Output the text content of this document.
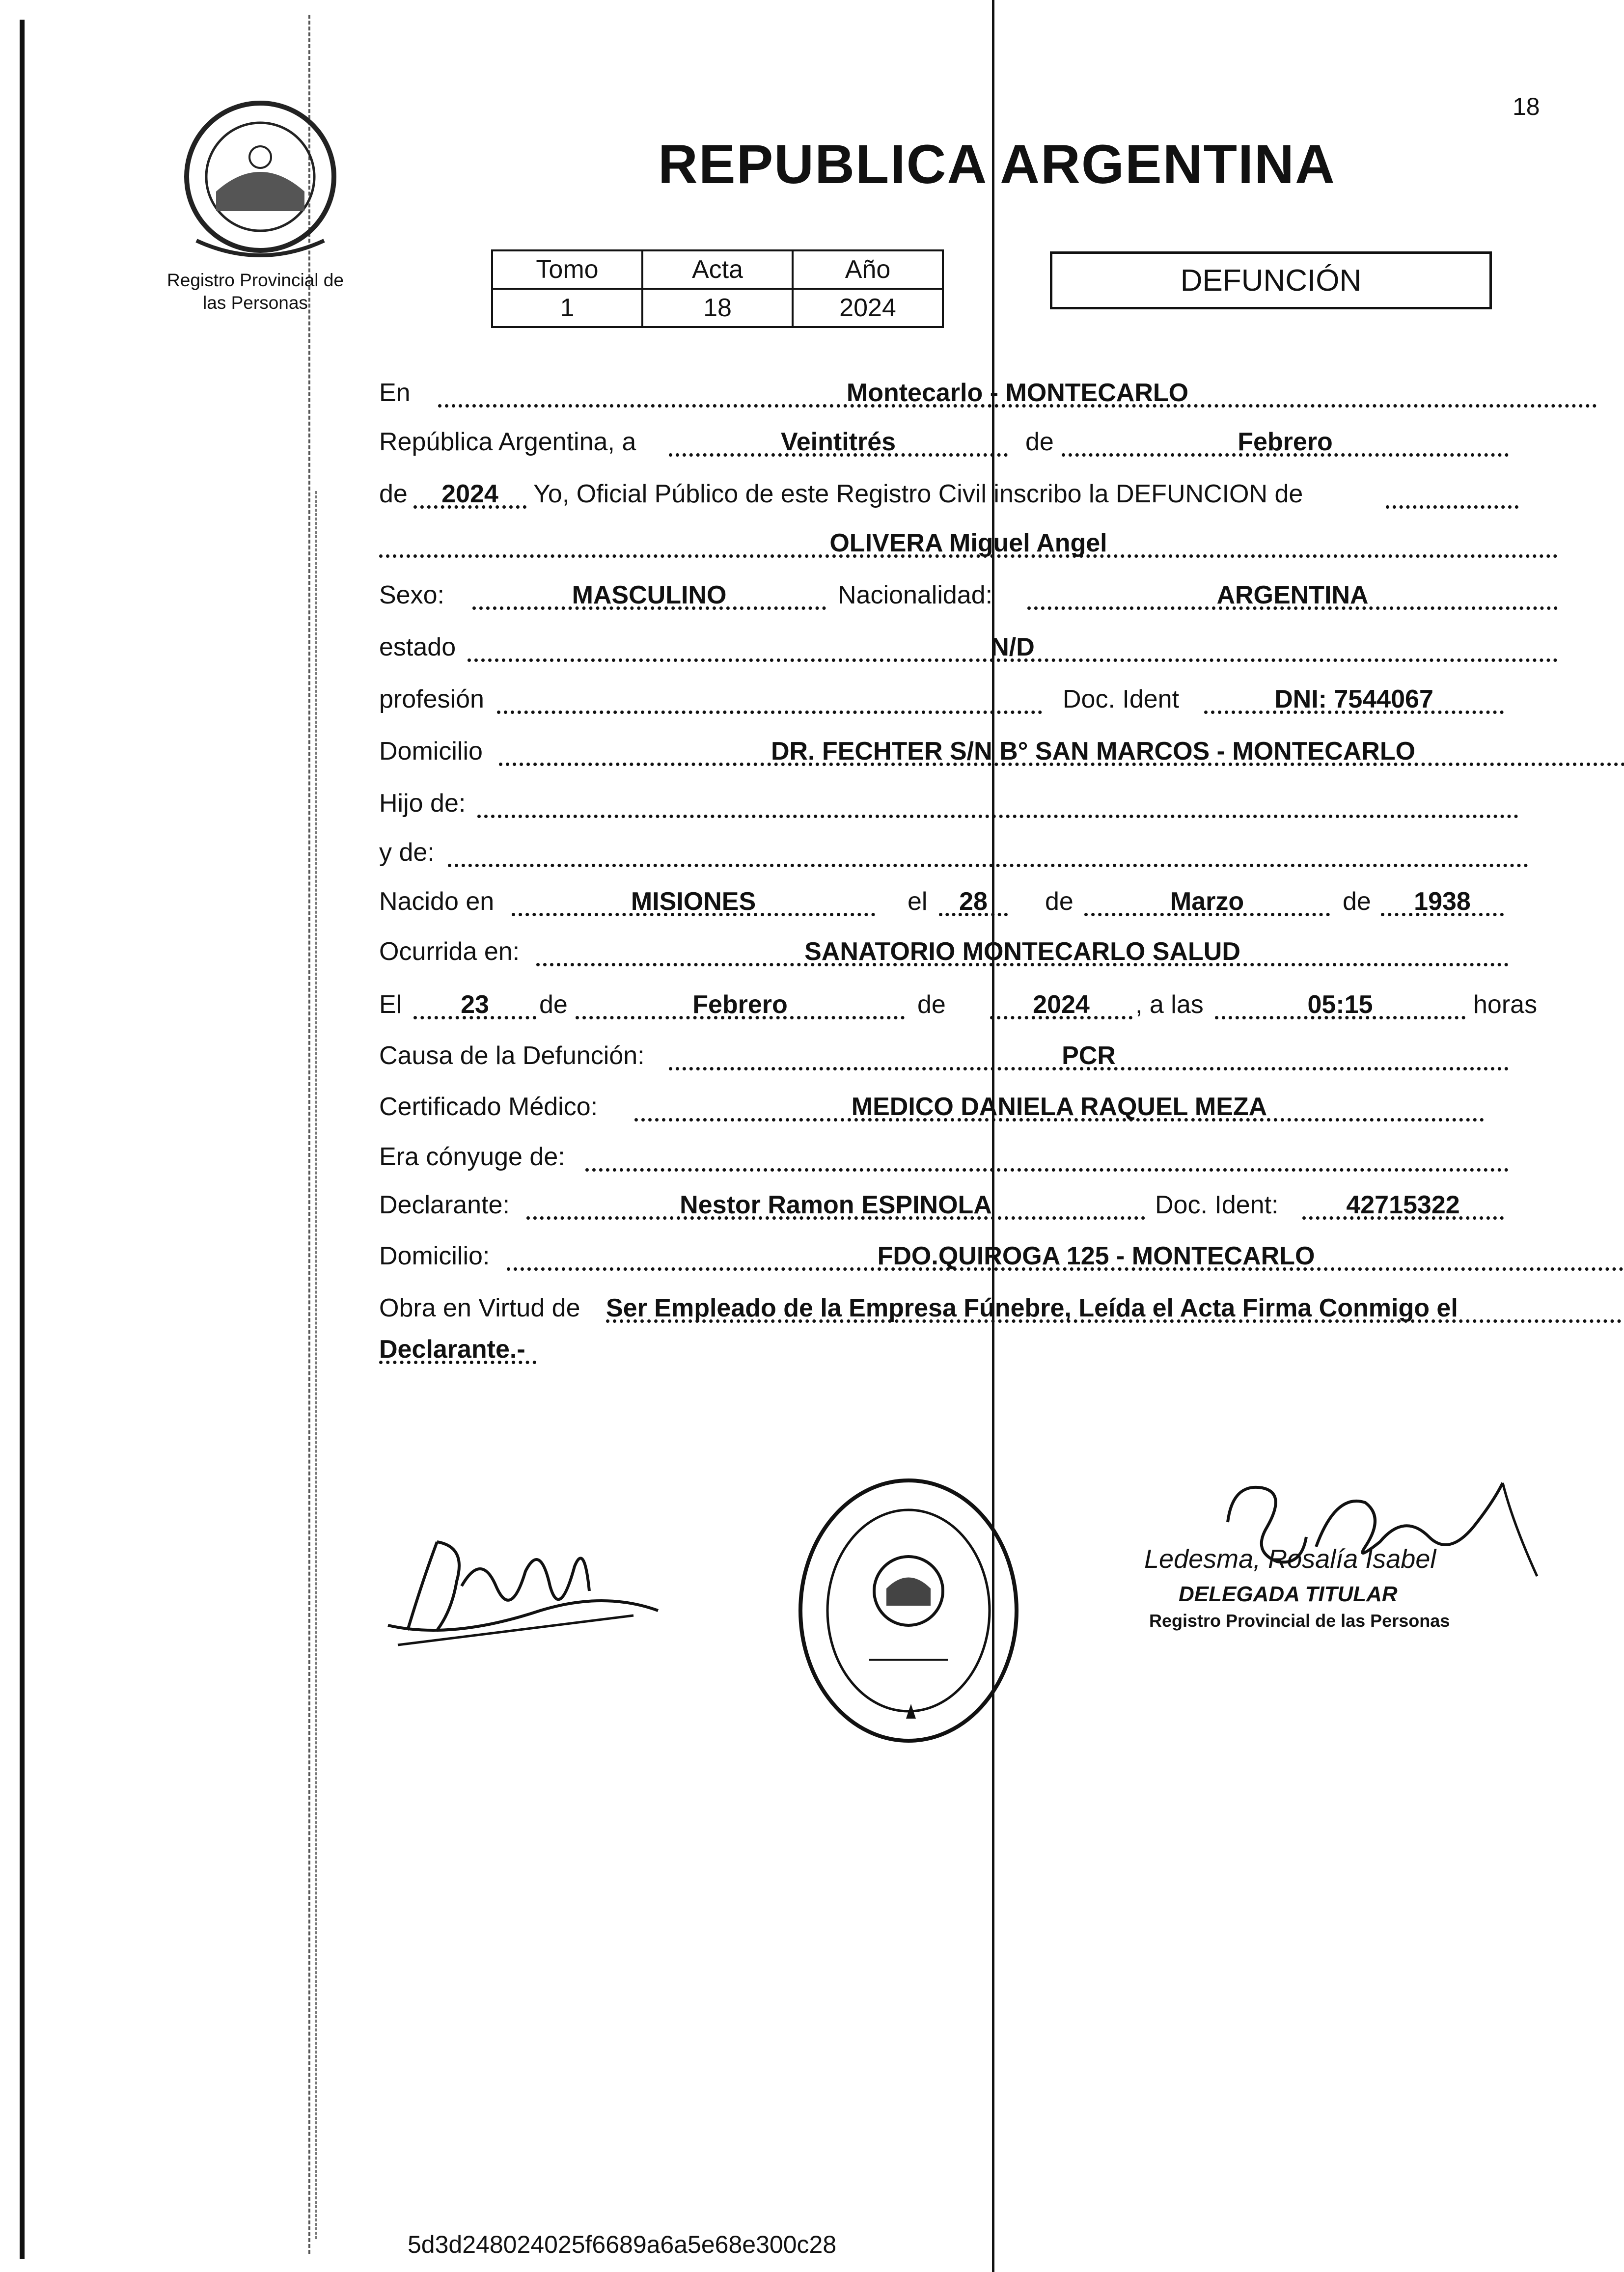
18
Registro Provincial de
las Personas
REPUBLICA ARGENTINA
Tomo	Acta	Año
1	18	2024
DEFUNCIÓN
En	Montecarlo - MONTECARLO
República Argentina, a	Veintitrés	de	Febrero
de	2024	Yo, Oficial Público de este Registro Civil inscribo la DEFUNCION de
OLIVERA Miguel Angel
Sexo:	MASCULINO	Nacionalidad:	ARGENTINA
estado	N/D
profesión	Doc. Ident	DNI: 7544067
Domicilio	DR. FECHTER S/N B° SAN MARCOS - MONTECARLO
Hijo de:
y de:
Nacido en	MISIONES	el	28	de	Marzo	de	1938
Ocurrida en:	SANATORIO MONTECARLO SALUD
El	23	de	Febrero	de	2024	, a las	05:15	horas
Causa de la Defunción:	PCR
Certificado Médico:	MEDICO DANIELA RAQUEL MEZA
Era cónyuge de:
Declarante:	Nestor Ramon ESPINOLA	Doc. Ident:	42715322
Domicilio:	FDO.QUIROGA 125 - MONTECARLO
Obra en Virtud de Ser Empleado de la Empresa Fúnebre, Leída el Acta Firma Conmigo el
Declarante.-
Ledesma, Rosalía Isabel
DELEGADA TITULAR
Registro Provincial de las Personas
5d3d248024025f6689a6a5e68e300c28
